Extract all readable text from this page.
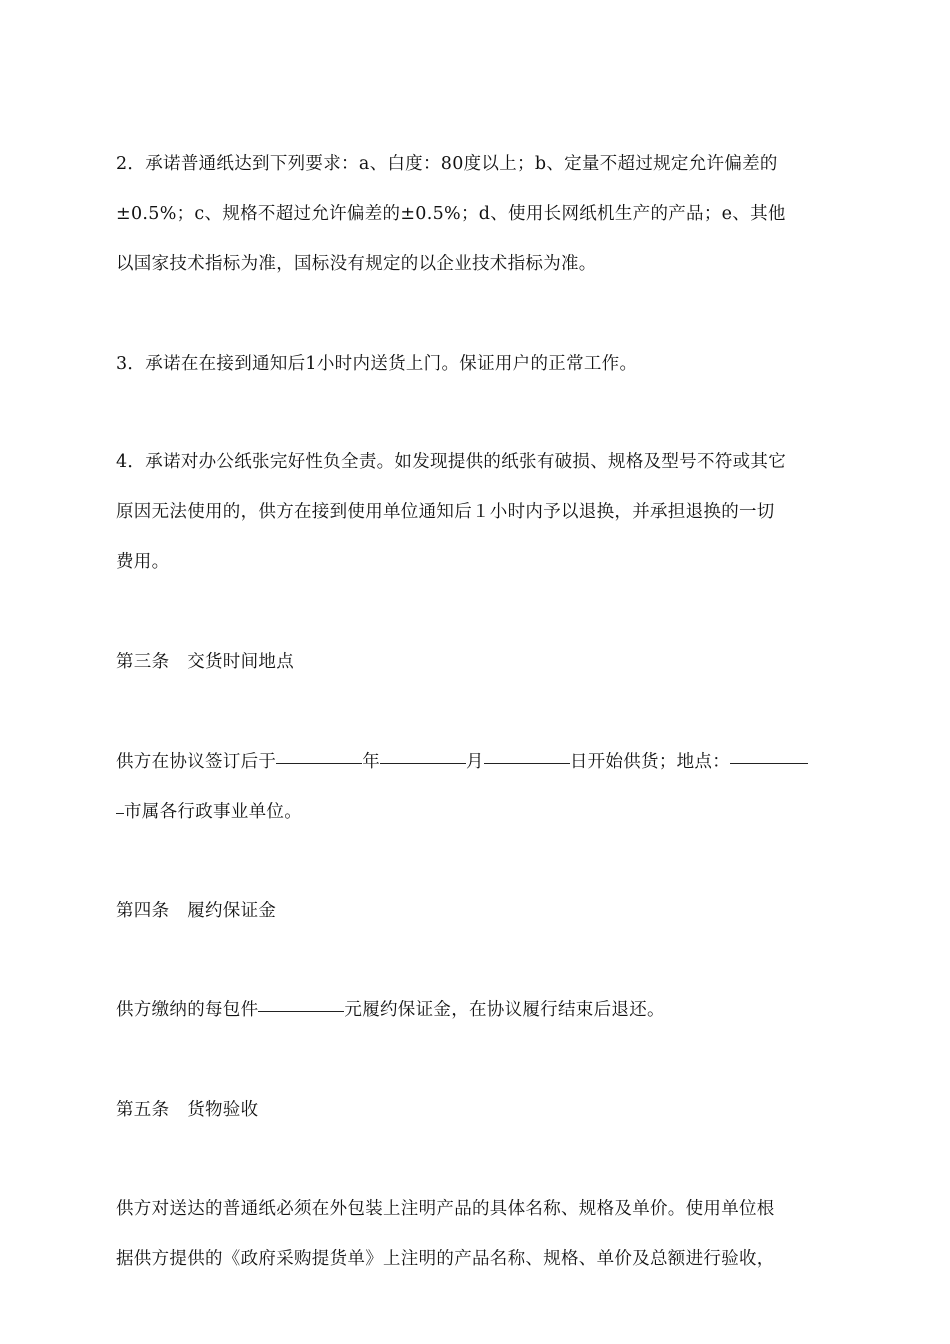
2．承诺普通纸达到下列要求：a、白度：80度以上；b、定量不超过规定允许偏差的
±0.5%；c、规格不超过允许偏差的±0.5%；d、使用长网纸机生产的产品；e、其他
以国家技术指标为准，国标没有规定的以企业技术指标为准。
3．承诺在在接到通知后1小时内送货上门。保证用户的正常工作。
4．承诺对办公纸张完好性负全责。如发现提供的纸张有破损、规格及型号不符或其它
原因无法使用的，供方在接到使用单位通知后１小时内予以退换，并承担退换的一切
费用。
第三条　交货时间地点
供方在协议签订后于	年	月	日开始供货；地点：
市属各行政事业单位。
第四条　履约保证金
供方缴纳的每包件	元履约保证金，在协议履行结束后退还。
第五条　货物验收
供方对送达的普通纸必须在外包装上注明产品的具体名称、规格及单价。使用单位根
据供方提供的《政府采购提货单》上注明的产品名称、规格、单价及总额进行验收，
